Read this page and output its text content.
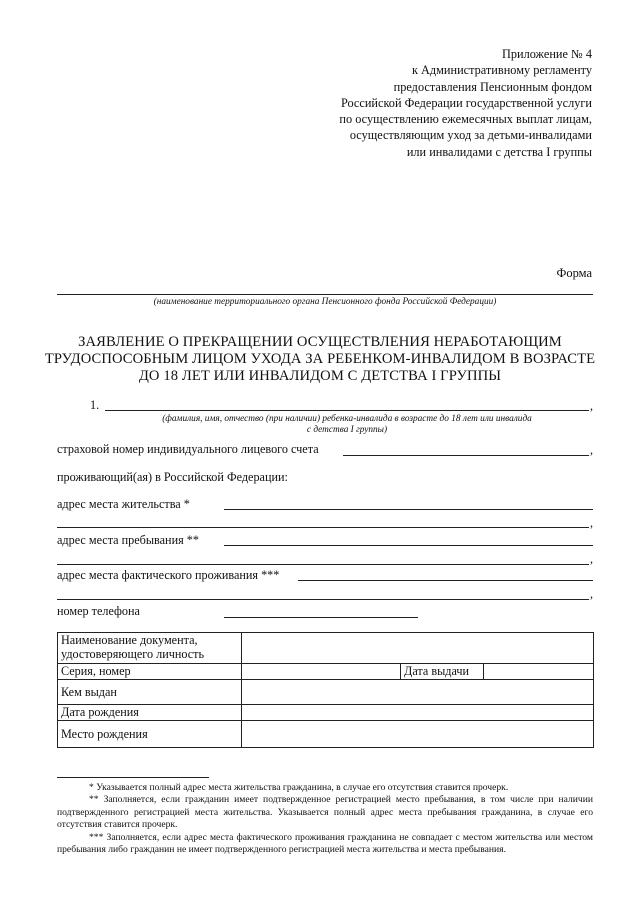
Приложение № 4
к Административному регламенту
предоставления Пенсионным фондом
Российской Федерации государственной услуги
по осуществлению ежемесячных выплат лицам,
осуществляющим уход за детьми-инвалидами
или инвалидами с детства I группы
Форма
(наименование территориального органа Пенсионного фонда Российской Федерации)
ЗАЯВЛЕНИЕ О ПРЕКРАЩЕНИИ ОСУЩЕСТВЛЕНИЯ НЕРАБОТАЮЩИМ
ТРУДОСПОСОБНЫМ ЛИЦОМ УХОДА ЗА РЕБЕНКОМ-ИНВАЛИДОМ В ВОЗРАСТЕ
ДО 18 ЛЕТ ИЛИ ИНВАЛИДОМ С ДЕТСТВА I ГРУППЫ
1.	,
(фамилия, имя, отчество (при наличии) ребенка-инвалида в возрасте до 18 лет или инвалида
с детства I группы)
страховой номер индивидуального лицевого счета	,
проживающий(ая) в Российской Федерации:
адрес места жительства *
,
адрес места пребывания **
,
адрес места фактического проживания ***
,
номер телефона
Наименование документа, удостоверяющего личность			
Серия, номер		Дата выдачи	
Кем выдан			
Дата рождения			
Место рождения			

* Указывается полный адрес места жительства гражданина, в случае его отсутствия ставится прочерк.

** Заполняется, если гражданин имеет подтвержденное регистрацией место пребывания, в том числе при наличии подтвержденного регистрацией места жительства. Указывается полный адрес места пребывания гражданина, в случае его отсутствия ставится прочерк.

*** Заполняется, если адрес места фактического проживания гражданина не совпадает с местом жительства или местом пребывания либо гражданин не имеет подтвержденного регистрацией места жительства и места пребывания.
